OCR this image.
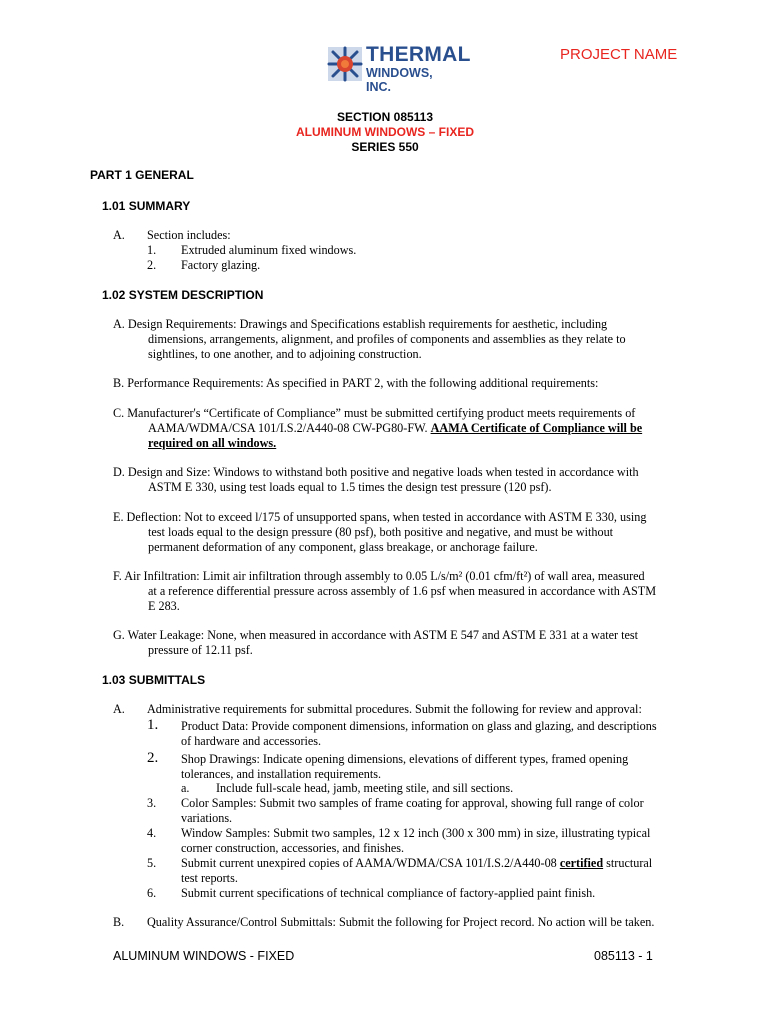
THERMAL
WINDOWS, INC.
PROJECT NAME
SECTION 085113
ALUMINUM WINDOWS – FIXED
SERIES 550
PART 1 GENERAL
1.01 SUMMARY
A. Section includes:
1. Extruded aluminum fixed windows.
2. Factory glazing.
1.02 SYSTEM DESCRIPTION
A. Design Requirements: Drawings and Specifications establish requirements for aesthetic, including
dimensions, arrangements, alignment, and profiles of components and assemblies as they relate to
sightlines, to one another, and to adjoining construction.
B. Performance Requirements: As specified in PART 2, with the following additional requirements:
C. Manufacturer's “Certificate of Compliance” must be submitted certifying product meets requirements of
AAMA/WDMA/CSA 101/I.S.2/A440-08 CW-PG80-FW. AAMA Certificate of Compliance will be
required on all windows.
D. Design and Size: Windows to withstand both positive and negative loads when tested in accordance with
ASTM E 330, using test loads equal to 1.5 times the design test pressure (120 psf).
E. Deflection: Not to exceed l/175 of unsupported spans, when tested in accordance with ASTM E 330, using
test loads equal to the design pressure (80 psf), both positive and negative, and must be without
permanent deformation of any component, glass breakage, or anchorage failure.
F. Air Infiltration: Limit air infiltration through assembly to 0.05 L/s/m² (0.01 cfm/ft²) of wall area, measured
at a reference differential pressure across assembly of 1.6 psf when measured in accordance with ASTM
E 283.
G. Water Leakage: None, when measured in accordance with ASTM E 547 and ASTM E 331 at a water test
pressure of 12.11 psf.
1.03 SUBMITTALS
A. Administrative requirements for submittal procedures. Submit the following for review and approval:
1. Product Data: Provide component dimensions, information on glass and glazing, and descriptions
of hardware and accessories.
2. Shop Drawings: Indicate opening dimensions, elevations of different types, framed opening
tolerances, and installation requirements.
a. Include full-scale head, jamb, meeting stile, and sill sections.
3. Color Samples: Submit two samples of frame coating for approval, showing full range of color
variations.
4. Window Samples: Submit two samples, 12 x 12 inch (300 x 300 mm) in size, illustrating typical
corner construction, accessories, and finishes.
5. Submit current unexpired copies of AAMA/WDMA/CSA 101/I.S.2/A440-08 certified structural
test reports.
6. Submit current specifications of technical compliance of factory-applied paint finish.
B. Quality Assurance/Control Submittals: Submit the following for Project record. No action will be taken.
ALUMINUM WINDOWS - FIXED	085113 - 1
